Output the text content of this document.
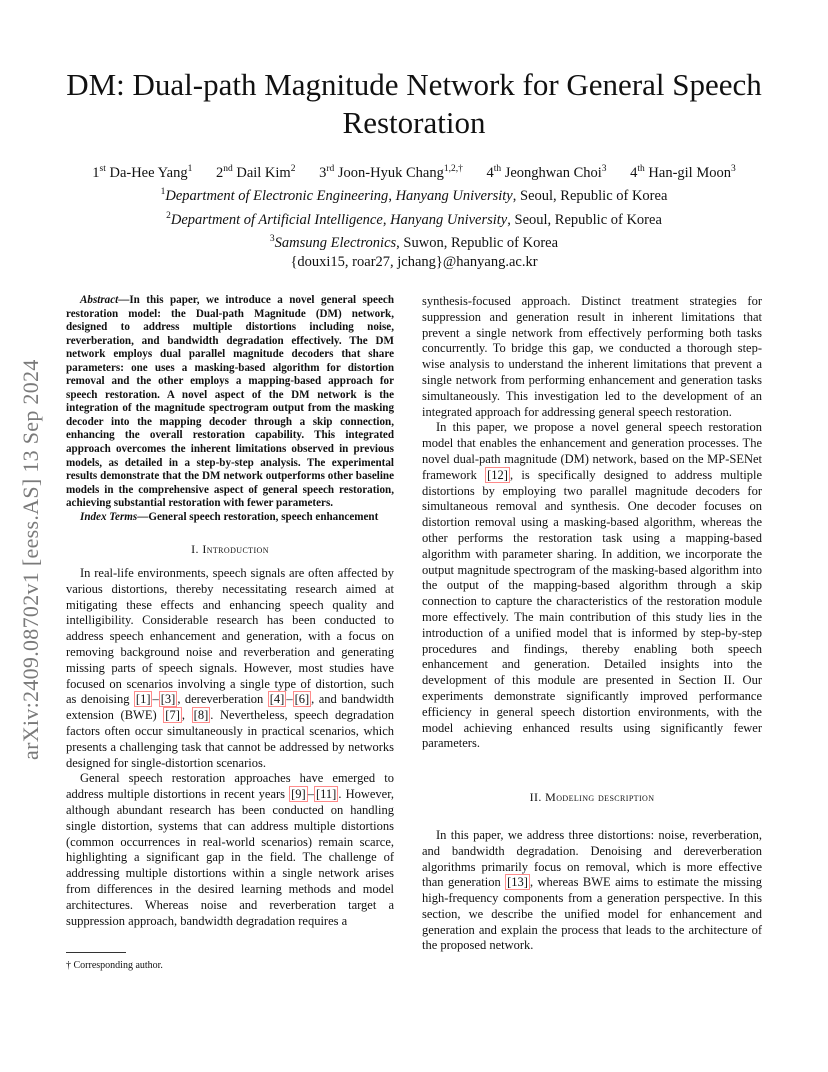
arXiv:2409.08702v1 [eess.AS] 13 Sep 2024
DM: Dual-path Magnitude Network for General Speech Restoration
1st Da-Hee Yang$^1$ 2nd Dail Kim$^2$ 3rd Joon-Hyuk Chang$^{1,2,\dagger}$ 4th Jeonghwan Choi$^3$ 4th Han-gil Moon$^3$
$^1$Department of Electronic Engineering, Hanyang University, Seoul, Republic of Korea
$^2$Department of Artificial Intelligence, Hanyang University, Seoul, Republic of Korea
$^3$Samsung Electronics, Suwon, Republic of Korea
{douxi15, roar27, jchang}@hanyang.ac.kr

Abstract—In this paper, we introduce a novel general speech restoration model: the Dual-path Magnitude (DM) network, designed to address multiple distortions including noise, reverberation, and bandwidth degradation effectively. The DM network employs dual parallel magnitude decoders that share parameters: one uses a masking-based algorithm for distortion removal and the other employs a mapping-based approach for speech restoration. A novel aspect of the DM network is the integration of the magnitude spectrogram output from the masking decoder into the mapping decoder through a skip connection, enhancing the overall restoration capability. This integrated approach overcomes the inherent limitations observed in previous models, as detailed in a step-by-step analysis. The experimental results demonstrate that the DM network outperforms other baseline models in the comprehensive aspect of general speech restoration, achieving substantial restoration with fewer parameters.

Index Terms—General speech restoration, speech enhancement

I. Introduction

In real-life environments, speech signals are often affected by various distortions, thereby necessitating research aimed at mitigating these effects and enhancing speech quality and intelligibility. Considerable research has been conducted to address speech enhancement and generation, with a focus on removing background noise and reverberation and generating missing parts of speech signals. However, most studies have focused on scenarios involving a single type of distortion, such as denoising [1] – [3] , dereverberation [4] – [6] , and bandwidth extension (BWE) [7] , [8] . Nevertheless, speech degradation factors often occur simultaneously in practical scenarios, which presents a challenging task that cannot be addressed by networks designed for single-distortion scenarios.

General speech restoration approaches have emerged to address multiple distortions in recent years [9] – [11] . However, although abundant research has been conducted on handling single distortion, systems that can address multiple distortions (common occurrences in real-world scenarios) remain scarce, highlighting a significant gap in the field. The challenge of addressing multiple distortions within a single network arises from differences in the desired learning methods and model architectures. Whereas noise and reverberation target a suppression approach, bandwidth degradation requires a

† Corresponding author.

synthesis-focused approach. Distinct treatment strategies for suppression and generation result in inherent limitations that prevent a single network from effectively performing both tasks concurrently. To bridge this gap, we conducted a thorough step-wise analysis to understand the inherent limitations that prevent a single network from performing enhancement and generation tasks simultaneously. This investigation led to the development of an integrated approach for addressing general speech restoration.

In this paper, we propose a novel general speech restoration model that enables the enhancement and generation processes. The novel dual-path magnitude (DM) network, based on the MP-SENet framework [12] , is specifically designed to address multiple distortions by employing two parallel magnitude decoders for simultaneous removal and synthesis. One decoder focuses on distortion removal using a masking-based algorithm, whereas the other performs the restoration task using a mapping-based algorithm with parameter sharing. In addition, we incorporate the output magnitude spectrogram of the masking-based algorithm into the output of the mapping-based algorithm through a skip connection to capture the characteristics of the restoration module more effectively. The main contribution of this study lies in the introduction of a unified model that is informed by step-by-step procedures and findings, thereby enabling both speech enhancement and generation. Detailed insights into the development of this module are presented in Section II. Our experiments demonstrate significantly improved performance efficiency in general speech distortion environments, with the model achieving enhanced results using significantly fewer parameters.

II. Modeling description

In this paper, we address three distortions: noise, reverberation, and bandwidth degradation. Denoising and dereverberation algorithms primarily focus on removal, which is more effective than generation [13] , whereas BWE aims to estimate the missing high-frequency components from a generation perspective. In this section, we describe the unified model for enhancement and generation and explain the process that leads to the architecture of the proposed network.
